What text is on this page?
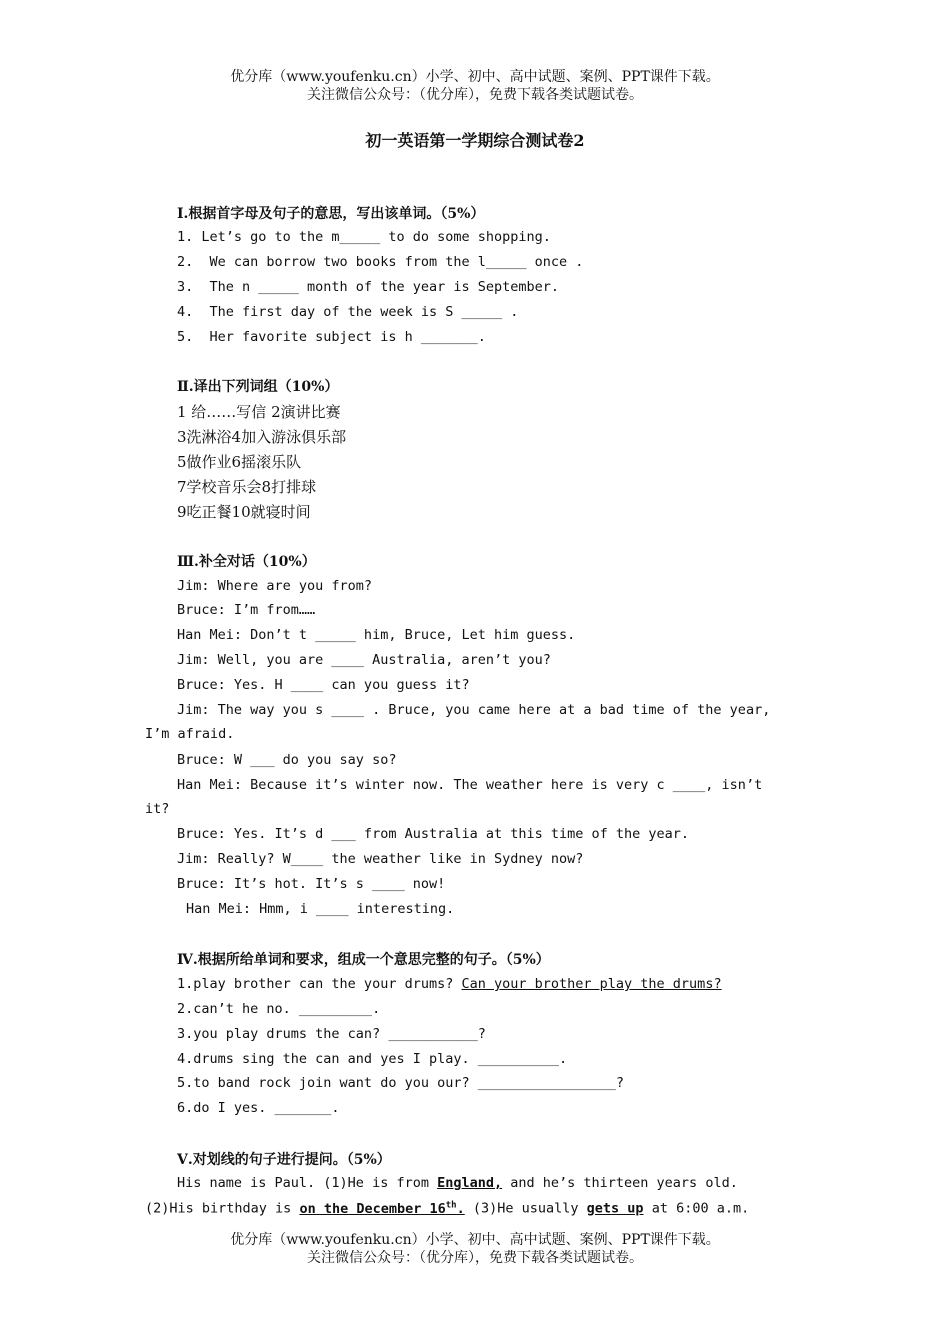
优分库（www.youfenku.cn）小学、初中、高中试题、案例、PPT课件下载。
关注微信公众号：（优分库），免费下载各类试题试卷。
初一英语第一学期综合测试卷2
Ⅰ.根据首字母及句子的意思，写出该单词。（5%）
1. Let’s go to the m_____ to do some shopping.
2.  We can borrow two books from the l_____ once .
3.  The n _____ month of the year is September.
4.  The first day of the week is S _____ .
5.  Her favorite subject is h _______.
Ⅱ.译出下列词组（10%）
1 给……写信 2演讲比赛
3洗淋浴4加入游泳俱乐部
5做作业6摇滚乐队
7学校音乐会8打排球
9吃正餐10就寝时间
Ⅲ.补全对话（10%）
Jim: Where are you from?
Bruce: I’m from……
Han Mei: Don’t t _____ him, Bruce, Let him guess.
Jim: Well, you are ____ Australia, aren’t you?
Bruce: Yes. H ____ can you guess it?
Jim: The way you s ____ . Bruce, you came here at a bad time of the year,
I’m afraid.
Bruce: W ___ do you say so?
Han Mei: Because it’s winter now. The weather here is very c ____, isn’t
it?
Bruce: Yes. It’s d ___ from Australia at this time of the year.
Jim: Really? W____ the weather like in Sydney now?
Bruce: It’s hot. It’s s ____ now!
Han Mei: Hmm, i ____ interesting.
Ⅳ.根据所给单词和要求，组成一个意思完整的句子。（5%）
1.play brother can the your drums? Can your brother play the drums?
2.can’t he no. _________.
3.you play drums the can? ___________?
4.drums sing the can and yes I play. __________.
5.to band rock join want do you our? _________________?
6.do I yes. _______.
Ⅴ.对划线的句子进行提问。（5%）
His name is Paul. (1)He is from England, and he’s thirteen years old.
(2)His birthday is on the December 16th. (3)He usually gets up at 6:00 a.m.
优分库（www.youfenku.cn）小学、初中、高中试题、案例、PPT课件下载。
关注微信公众号：（优分库），免费下载各类试题试卷。
